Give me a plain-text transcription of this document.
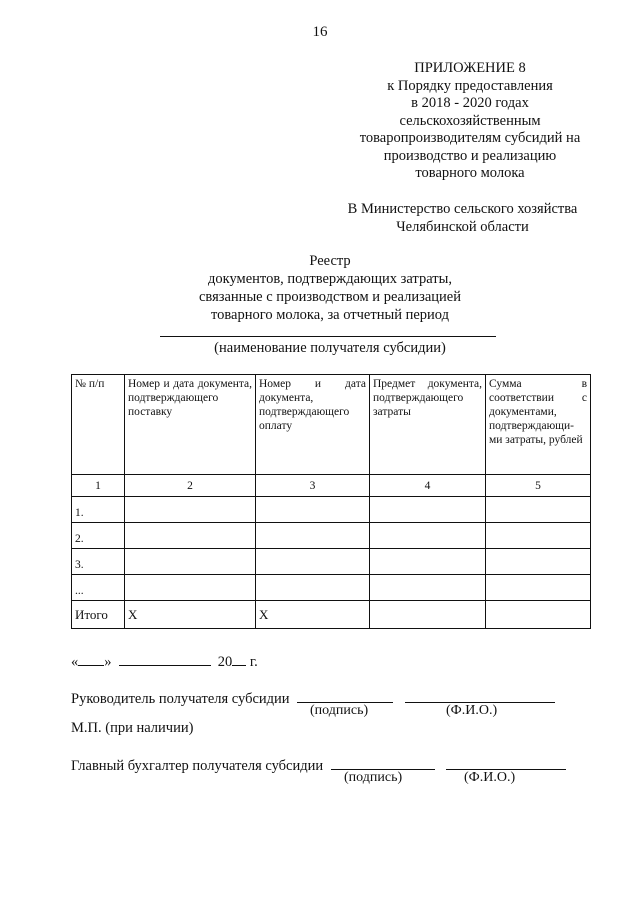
16
ПРИЛОЖЕНИЕ 8
к Порядку предоставления
в 2018 - 2020 годах
сельскохозяйственным
товаропроизводителям субсидий на
производство и реализацию
товарного молока
В Министерство сельского хозяйства
Челябинской области
Реестр
документов, подтверждающих затраты,
связанные с производством и реализацией
товарного молока, за отчетный период
(наименование получателя субсидии)
№ п/п	Номер и дата документа, подтверждающего поставку	Номер и дата документа, подтверждающего оплату	Предмет документа, подтверждающего затраты	Сумма в соответствии с документами, подтверждающи-ми затраты, рублей
1	2	3	4	5
1.				
2.				
3.				
...				
Итого	X	X		
« »	20 г.
Руководитель получателя субсидии
(подпись)	(Ф.И.О.)
М.П. (при наличии)
Главный бухгалтер получателя субсидии
(подпись)	(Ф.И.О.)
